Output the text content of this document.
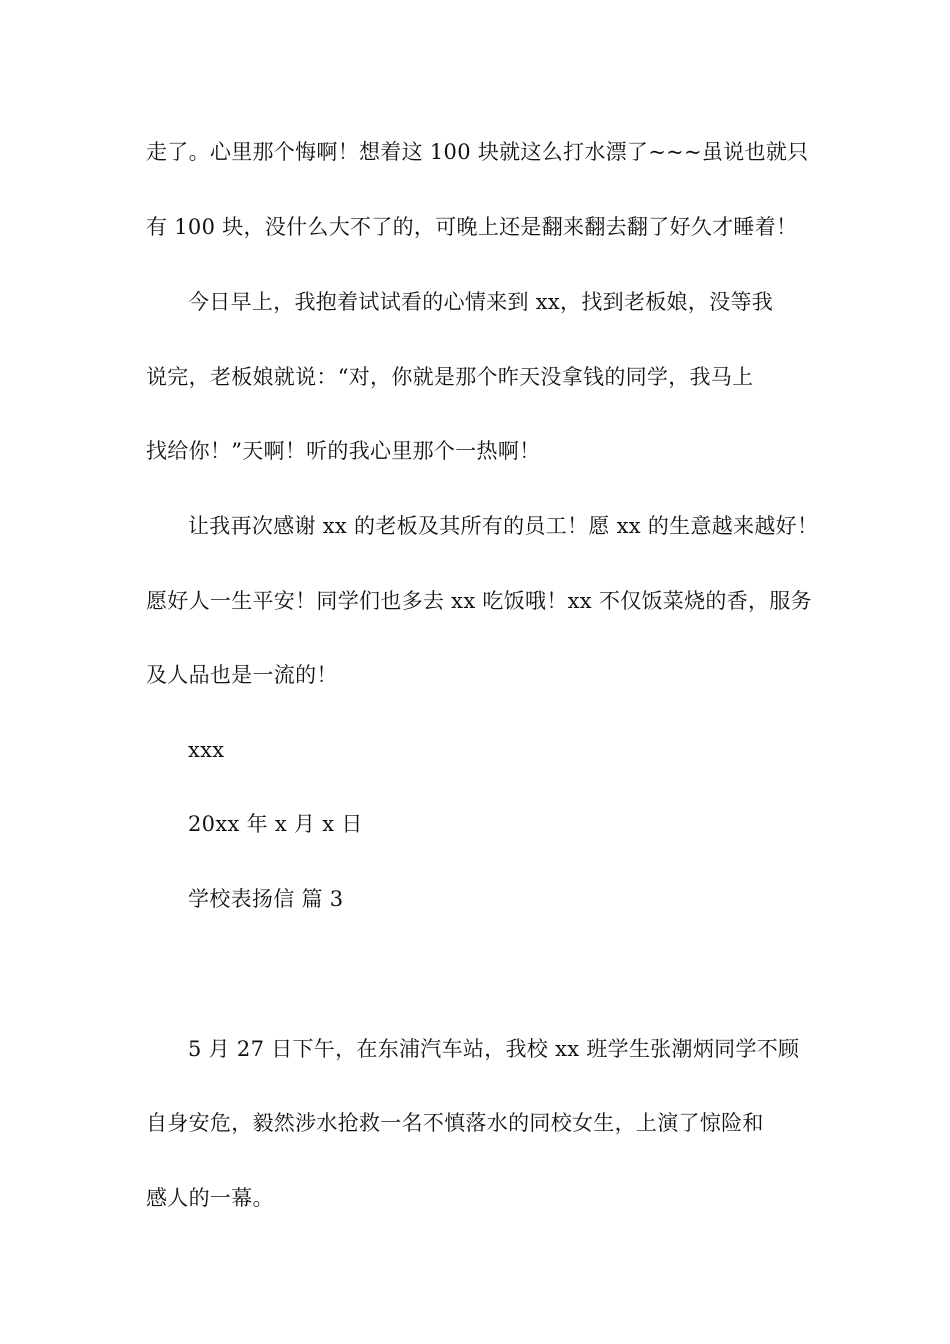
走了。心里那个悔啊！想着这 100 块就这么打水漂了~~~虽说也就只
有 100 块，没什么大不了的，可晚上还是翻来翻去翻了好久才睡着！
今日早上，我抱着试试看的心情来到 xx，找到老板娘，没等我
说完，老板娘就说：“对，你就是那个昨天没拿钱的同学，我马上
找给你！”天啊！听的我心里那个一热啊！
让我再次感谢 xx 的老板及其所有的员工！愿 xx 的生意越来越好！
愿好人一生平安！同学们也多去 xx 吃饭哦！xx 不仅饭菜烧的香，服务
及人品也是一流的！
xxx
20xx 年 x 月 x 日
学校表扬信 篇 3
5 月 27 日下午，在东浦汽车站，我校 xx 班学生张潮炳同学不顾
自身安危，毅然涉水抢救一名不慎落水的同校女生，上演了惊险和
感人的一幕。
